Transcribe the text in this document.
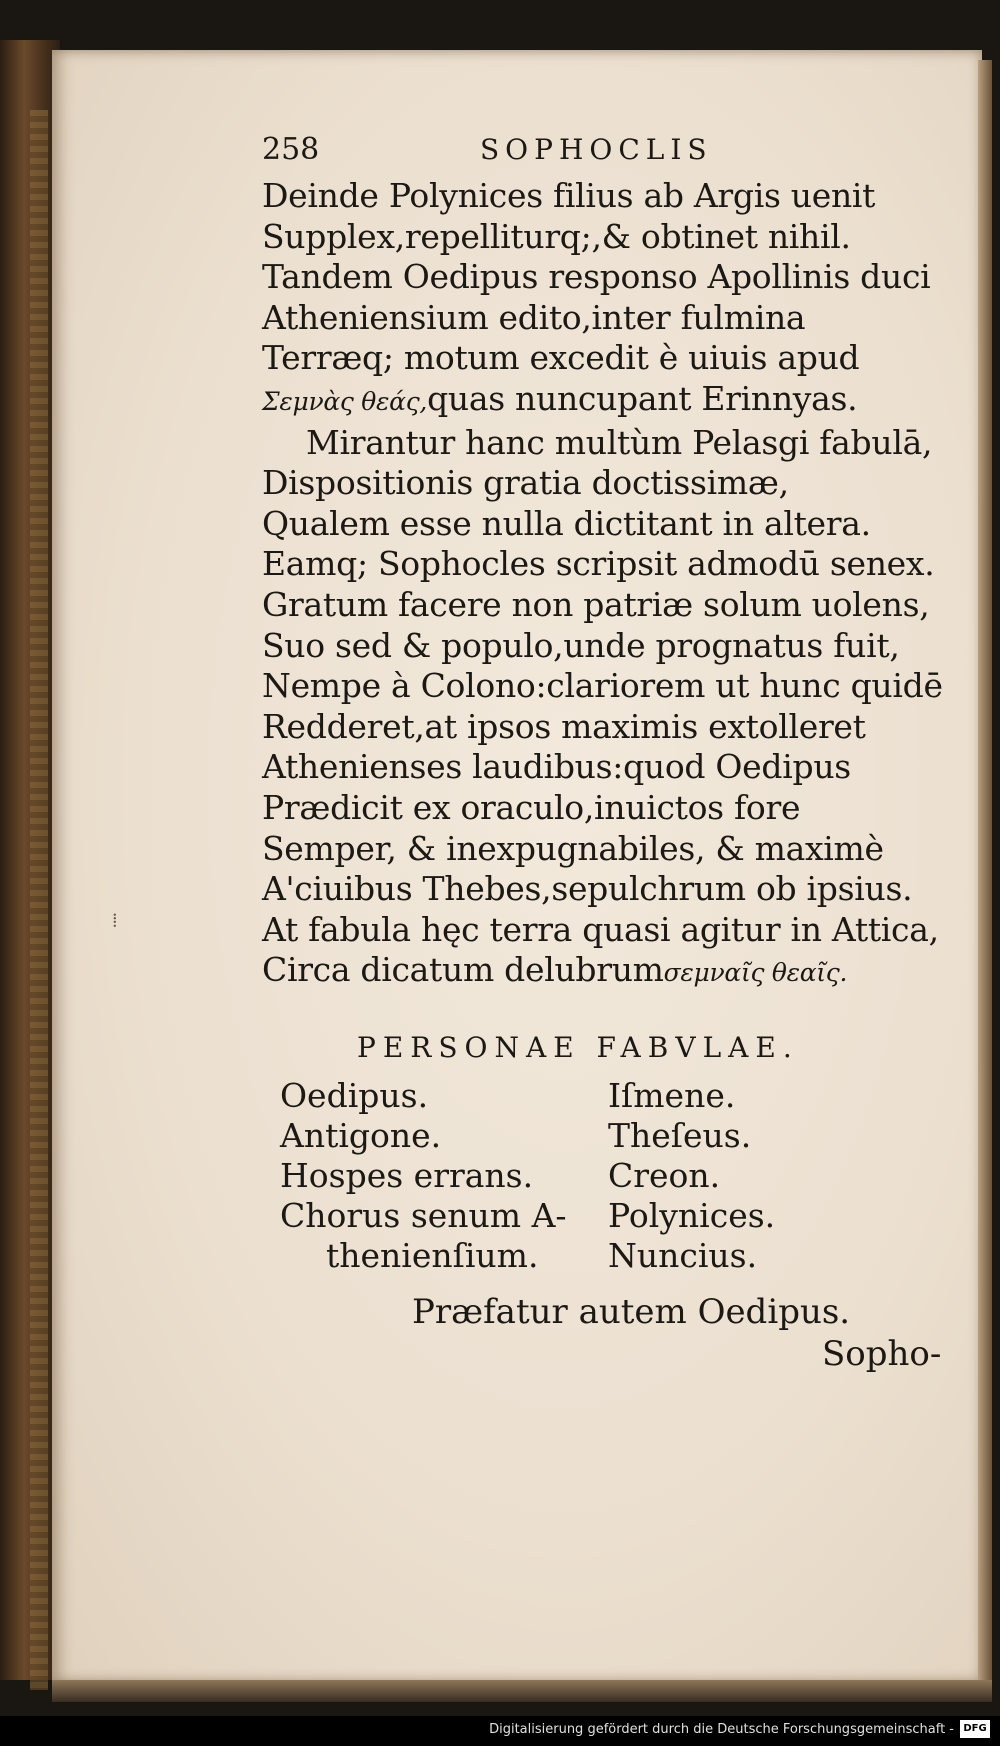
258	SOPHOCLIS
Deinde Polynices filius ab Argis uenit
Supplex,repelliturq;,& obtinet nihil.
Tandem Oedipus responso Apollinis duci
Atheniensium edito,inter fulmina
Terræq; motum excedit è uiuis apud
Σεμνὰς θεάς,quas nuncupant Erinnyas.
Mirantur hanc multùm Pelasgi fabulā,
Dispositionis gratia doctissimæ,
Qualem esse nulla dictitant in altera.
Eamq; Sophocles scripsit admodū senex.
Gratum facere non patriæ solum uolens,
Suo sed & populo,unde prognatus fuit,
Nempe à Colono:clariorem ut hunc quidē
Redderet,at ipsos maximis extolleret
Athenienses laudibus:quod Oedipus
Prædicit ex oraculo,inuictos fore
Semper, & inexpugnabiles, & maximè
A'ciuibus Thebes,sepulchrum ob ipsius.
At fabula hęc terra quasi agitur in Attica,
Circa dicatum delubrumσεμναῖς θεαῖς.
PERSONAE FABVLAE.
Oedipus.	Iſmene.
Antigone.	Theſeus.
Hospes errans.	Creon.
Chorus senum A-	Polynices.
thenienſium.	Nuncius.
Præfatur autem Oedipus.
Sopho-
⁞
Digitalisierung gefördert durch die Deutsche Forschungsgemeinschaft - DFG
